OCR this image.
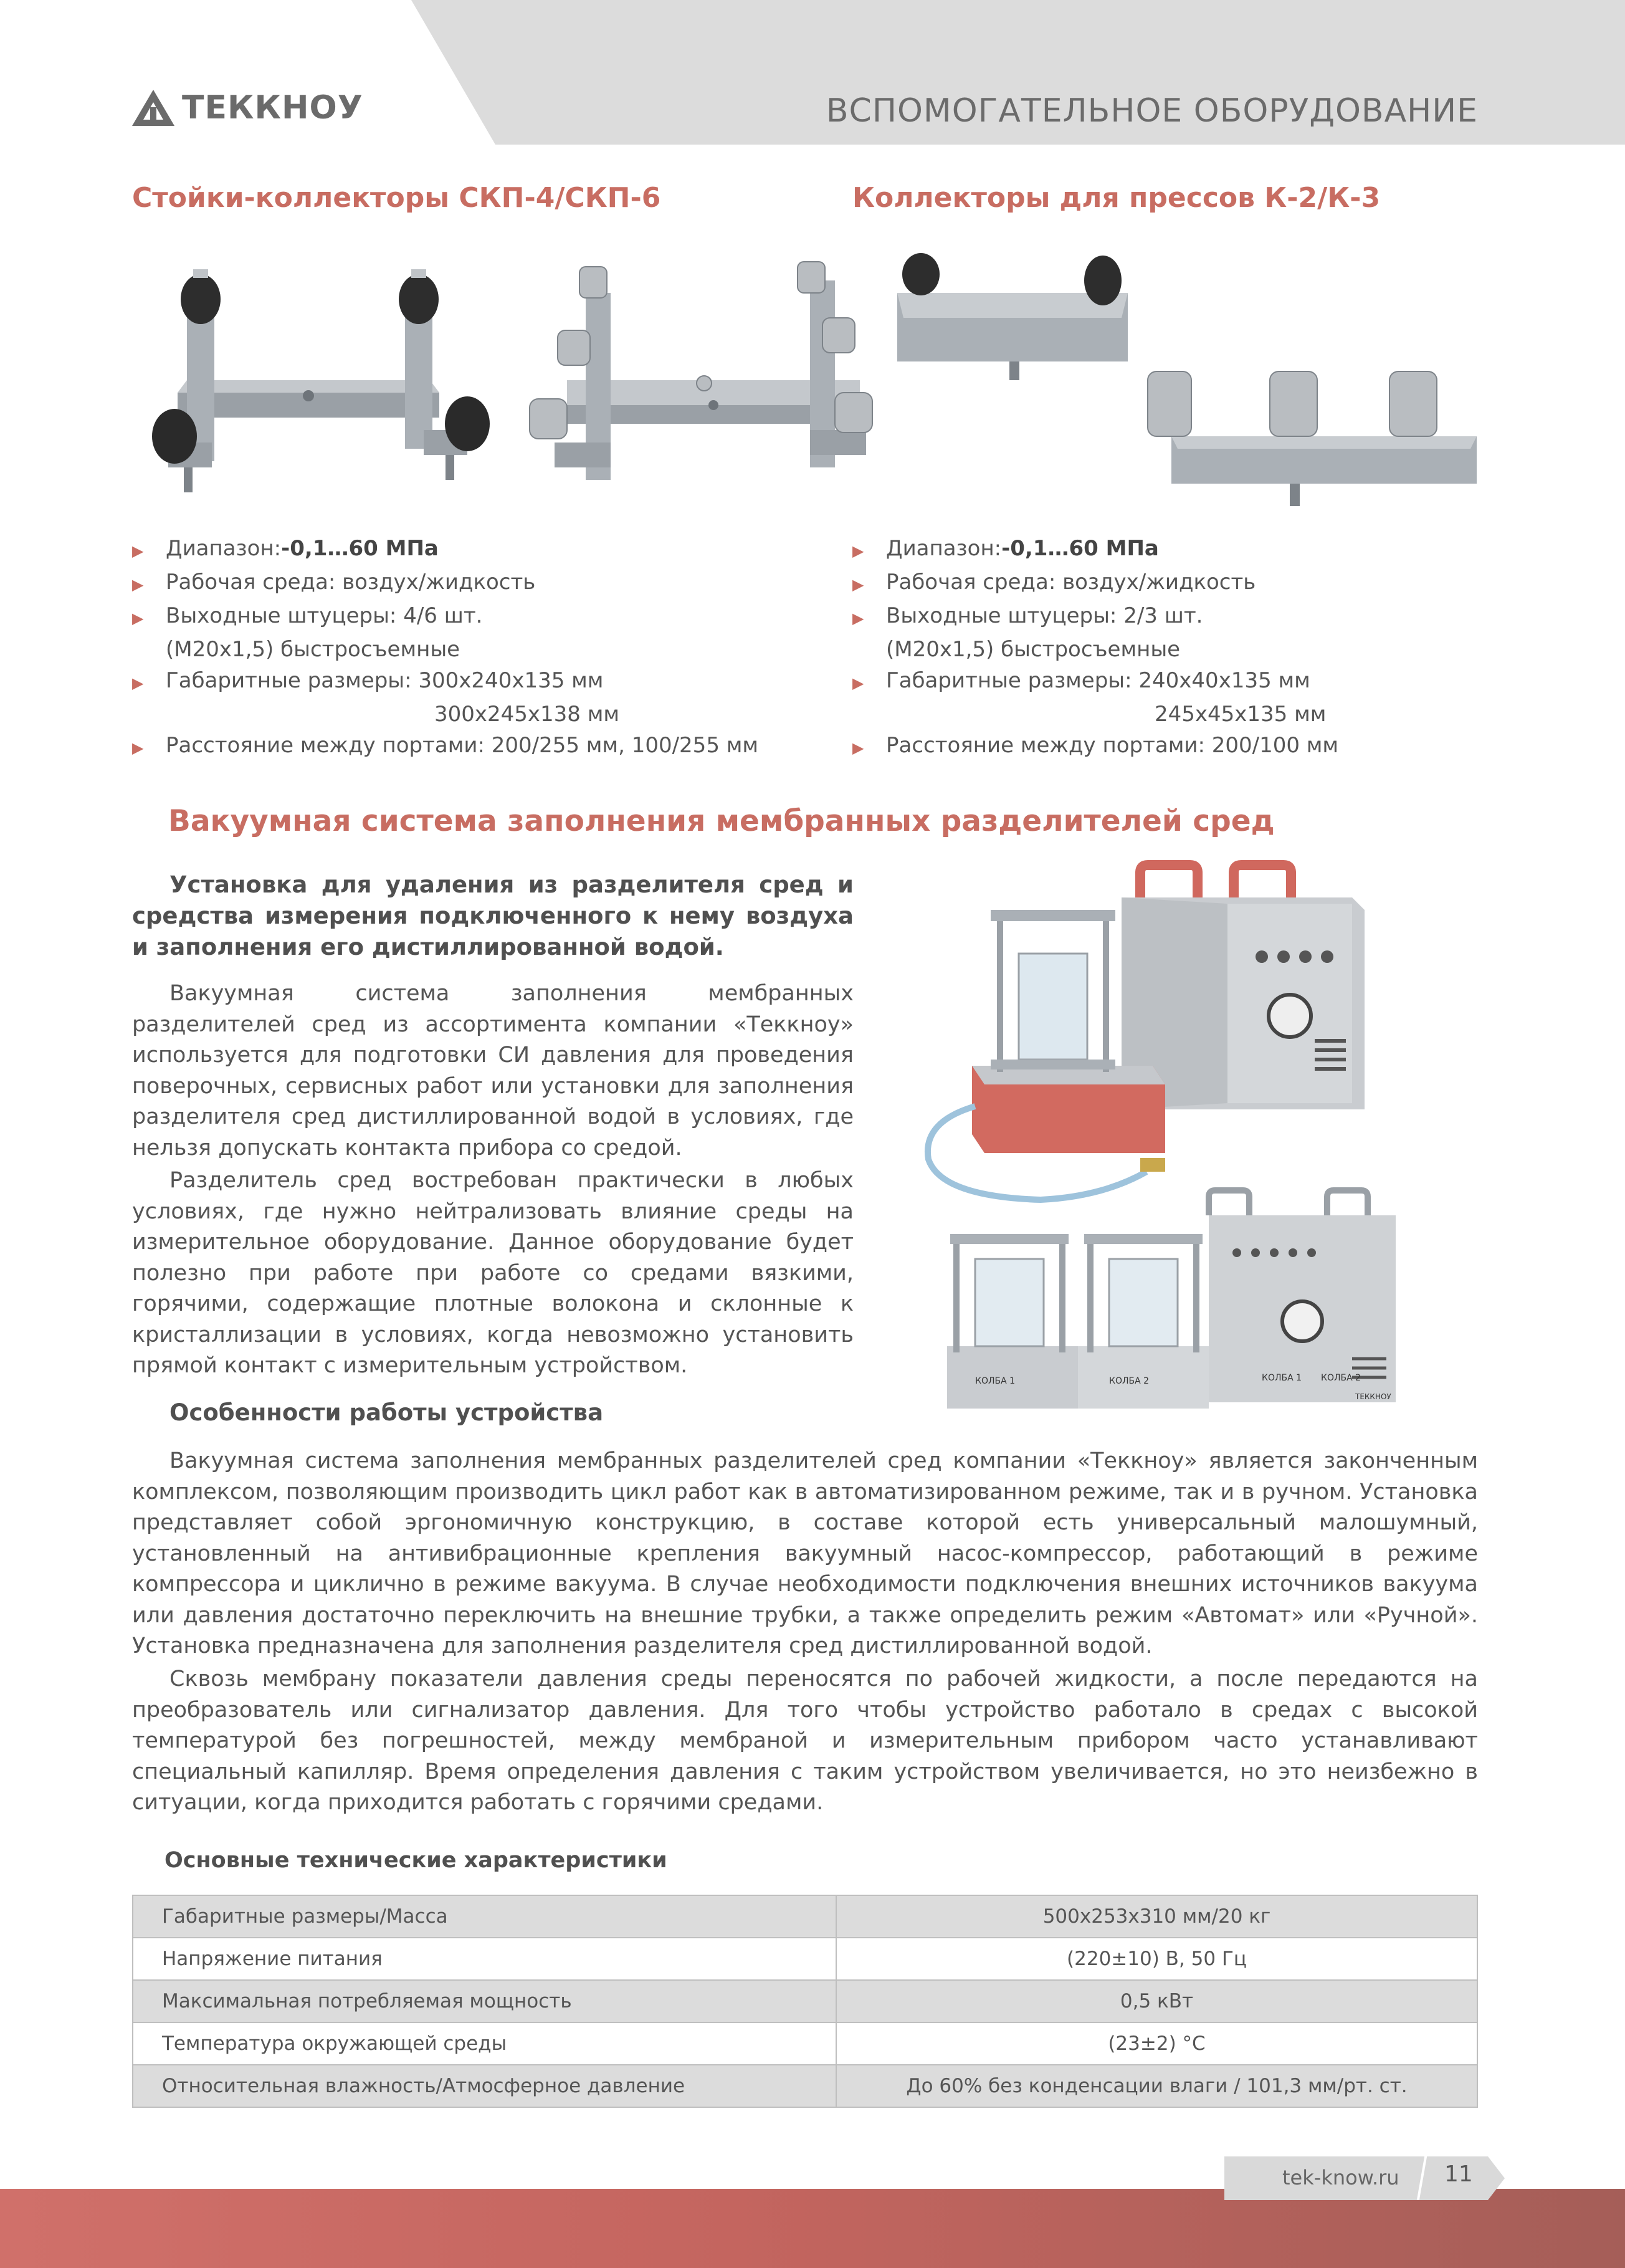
ТЕККНОУ	ВСПОМОГАТЕЛЬНОЕ ОБОРУДОВАНИЕ
Стойки-коллекторы СКП-4/СКП-6	Коллекторы для прессов К-2/К-3
▶	Диапазон: -0,1…60 МПа
▶	Рабочая среда: воздух/жидкость
▶	Выходные штуцеры: 4/6 шт.
(M20x1,5) быстросъемные
▶	Габаритные размеры: 300x240x135 мм
300x245x138 мм
▶	Расстояние между портами: 200/255 мм, 100/255 мм
▶	Диапазон: -0,1…60 МПа
▶	Рабочая среда: воздух/жидкость
▶	Выходные штуцеры: 2/3 шт.
(M20x1,5) быстросъемные
▶	Габаритные размеры: 240x40x135 мм
245x45x135 мм
▶	Расстояние между портами: 200/100 мм
Вакуумная система заполнения мембранных разделителей сред
Установка для удаления из разделителя сред и средства измерения подключенного к нему воздуха и заполнения его дистиллированной водой.
Вакуумная система заполнения мембранных разделителей сред из ассортимента компании «Теккноу» используется для подготовки СИ давления для проведения поверочных, сервисных работ или установки для заполнения разделителя сред дистиллированной водой в условиях, где нельзя допускать контакта прибора со средой.
Разделитель сред востребован практически в любых условиях, где нужно нейтрализовать влияние среды на измерительное оборудование. Данное оборудование будет полезно при работе при работе со средами вязкими, горячими, содержащие плотные волокона и склонные к кристаллизации в условиях, когда невозможно установить прямой контакт с измерительным устройством.
Особенности работы устройства
КОЛБА 1 КОЛБА 2
ТЕККНОУ
КОЛБА 1	КОЛБА 2
Вакуумная система заполнения мембранных разделителей сред компании «Теккноу» является законченным комплексом, позволяющим производить цикл работ как в автоматизированном режиме, так и в ручном. Установка представляет собой эргономичную конструкцию, в составе которой есть универсальный малошумный, установленный на антивибрационные крепления вакуумный насос-компрессор, работающий в режиме компрессора и циклично в режиме вакуума. В случае необходимости подключения внешних источников вакуума или давления достаточно переключить на внешние трубки, а также определить режим «Автомат» или «Ручной». Установка предназначена для заполнения разделителя сред дистиллированной водой.
Сквозь мембрану показатели давления среды переносятся по рабочей жидкости, а после передаются на преобразователь или сигнализатор давления. Для того чтобы устройство работало в средах с высокой температурой без погрешностей, между мембраной и измерительным прибором часто устанавливают специальный капилляр. Время определения давления с таким устройством увеличивается, но это неизбежно в ситуации, когда приходится работать с горячими средами.
Основные технические характеристики
Габаритные размеры/Масса	500x253x310 мм/20 кг
Напряжение питания	(220±10) В, 50 Гц
Максимальная потребляемая мощность	0,5 кВт
Температура окружающей среды	(23±2) °С
Относительная влажность/Атмосферное давление	До 60% без конденсации влаги / 101,3 мм/рт. ст.
tek-know.ru 11
